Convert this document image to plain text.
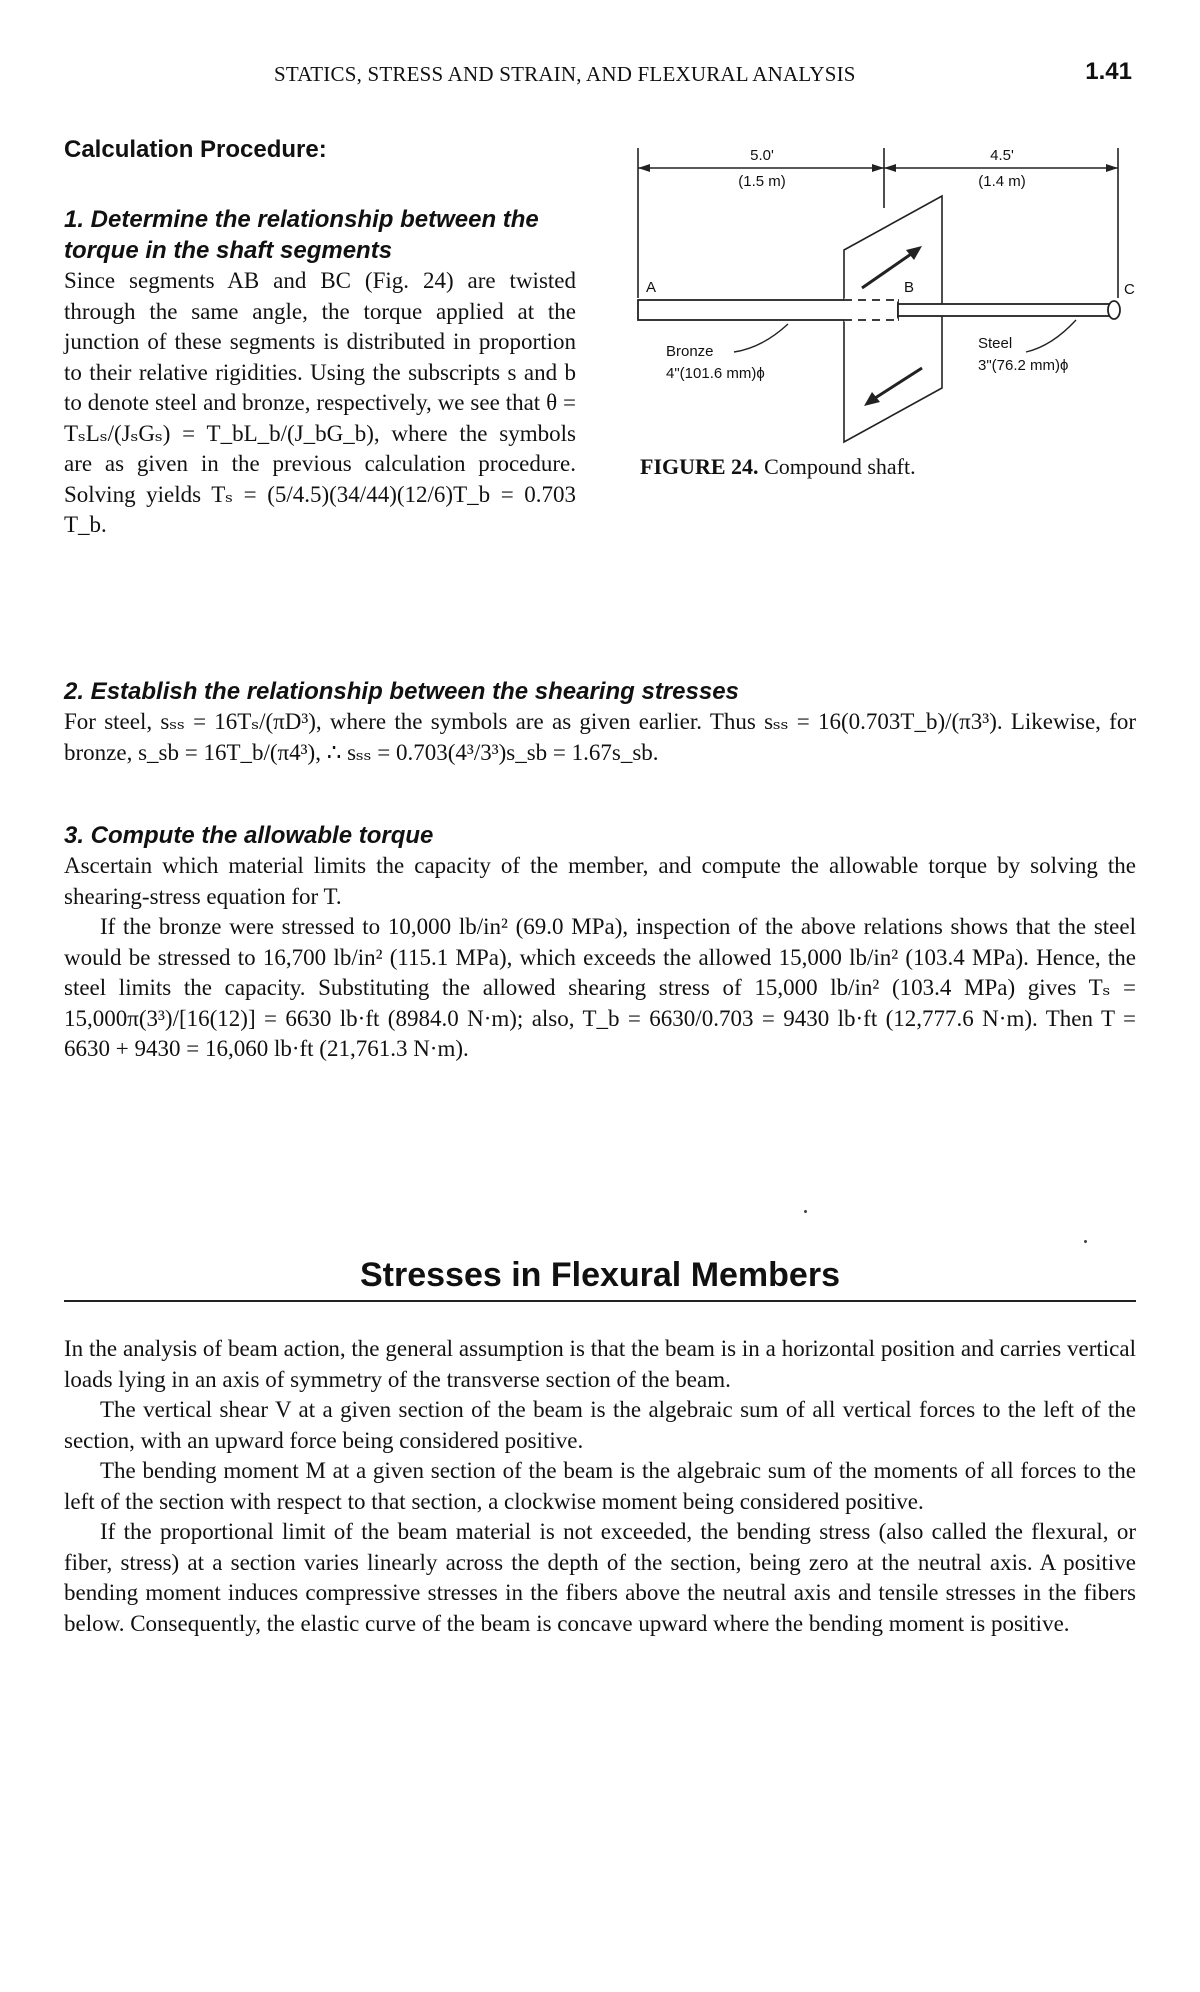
STATICS, STRESS AND STRAIN, AND FLEXURAL ANALYSIS	1.41
Calculation Procedure:
1. Determine the relationship between the torque in the shaft segments

Since segments AB and BC (Fig. 24) are twisted through the same angle, the torque applied at the junction of these segments is distributed in proportion to their relative rigidities. Using the subscripts s and b to denote steel and bronze, respectively, we see that θ = TₛLₛ/(JₛGₛ) = T_bL_b/(J_bG_b), where the symbols are as given in the previous calculation procedure. Solving yields Tₛ = (5/4.5)(34/44)(12/6)T_b = 0.703 T_b.

5.0'
(1.5 m)
4.5'
(1.4 m)
A	B	C
Bronze
4"(101.6 mm)ϕ
Steel
3"(76.2 mm)ϕ
FIGURE 24. Compound shaft.
2. Establish the relationship between the shearing stresses

For steel, sₛₛ = 16Tₛ/(πD³), where the symbols are as given earlier. Thus sₛₛ = 16(0.703T_b)/(π3³). Likewise, for bronze, s_sb = 16T_b/(π4³), ∴ sₛₛ = 0.703(4³/3³)s_sb = 1.67s_sb.

3. Compute the allowable torque

Ascertain which material limits the capacity of the member, and compute the allowable torque by solving the shearing-stress equation for T.

If the bronze were stressed to 10,000 lb/in² (69.0 MPa), inspection of the above relations shows that the steel would be stressed to 16,700 lb/in² (115.1 MPa), which exceeds the allowed 15,000 lb/in² (103.4 MPa). Hence, the steel limits the capacity. Substituting the allowed shearing stress of 15,000 lb/in² (103.4 MPa) gives Tₛ = 15,000π(3³)/[16(12)] = 6630 lb·ft (8984.0 N·m); also, T_b = 6630/0.703 = 9430 lb·ft (12,777.6 N·m). Then T = 6630 + 9430 = 16,060 lb·ft (21,761.3 N·m).

Stresses in Flexural Members

In the analysis of beam action, the general assumption is that the beam is in a horizontal position and carries vertical loads lying in an axis of symmetry of the transverse section of the beam.

The vertical shear V at a given section of the beam is the algebraic sum of all vertical forces to the left of the section, with an upward force being considered positive.

The bending moment M at a given section of the beam is the algebraic sum of the moments of all forces to the left of the section with respect to that section, a clockwise moment being considered positive.

If the proportional limit of the beam material is not exceeded, the bending stress (also called the flexural, or fiber, stress) at a section varies linearly across the depth of the section, being zero at the neutral axis. A positive bending moment induces compressive stresses in the fibers above the neutral axis and tensile stresses in the fibers below. Consequently, the elastic curve of the beam is concave upward where the bending moment is positive.
